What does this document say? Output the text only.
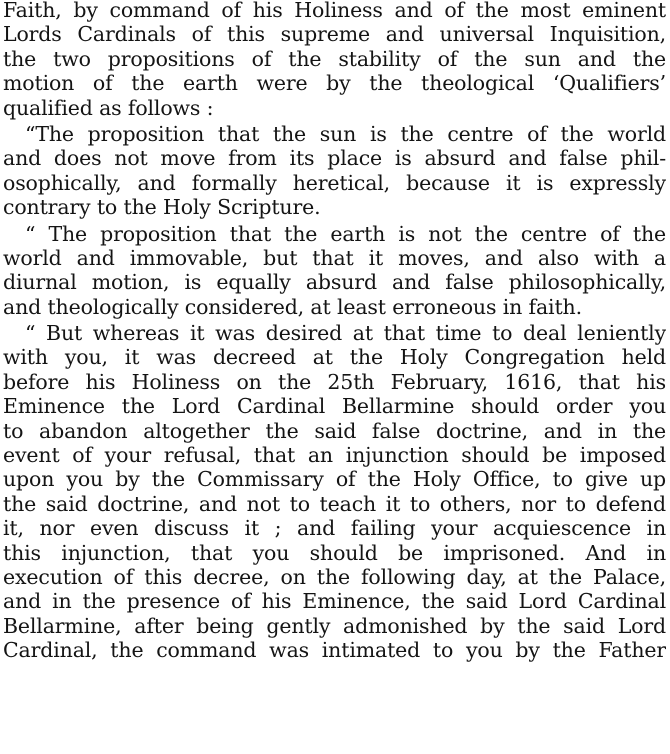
Faith, by command of his Holiness and of the most eminent
Lords Cardinals of this supreme and universal Inquisition,
the two propositions of the stability of the sun and the
motion of the earth were by the theological ‘Qualifiers’
qualified as follows :
“The proposition that the sun is the centre of the world
and does not move from its place is absurd and false phil-
osophically, and formally heretical, because it is expressly
contrary to the Holy Scripture.
“ The proposition that the earth is not the centre of the
world and immovable, but that it moves, and also with a
diurnal motion, is equally absurd and false philosophically,
and theologically considered, at least erroneous in faith.
“ But whereas it was desired at that time to deal leniently
with you, it was decreed at the Holy Congregation held
before his Holiness on the 25th February, 1616, that his
Eminence the Lord Cardinal Bellarmine should order you
to abandon altogether the said false doctrine, and in the
event of your refusal, that an injunction should be imposed
upon you by the Commissary of the Holy Office, to give up
the said doctrine, and not to teach it to others, nor to defend
it, nor even discuss it ; and failing your acquiescence in
this injunction, that you should be imprisoned. And in
execution of this decree, on the following day, at the Palace,
and in the presence of his Eminence, the said Lord Cardinal
Bellarmine, after being gently admonished by the said Lord
Cardinal, the command was intimated to you by the Father
